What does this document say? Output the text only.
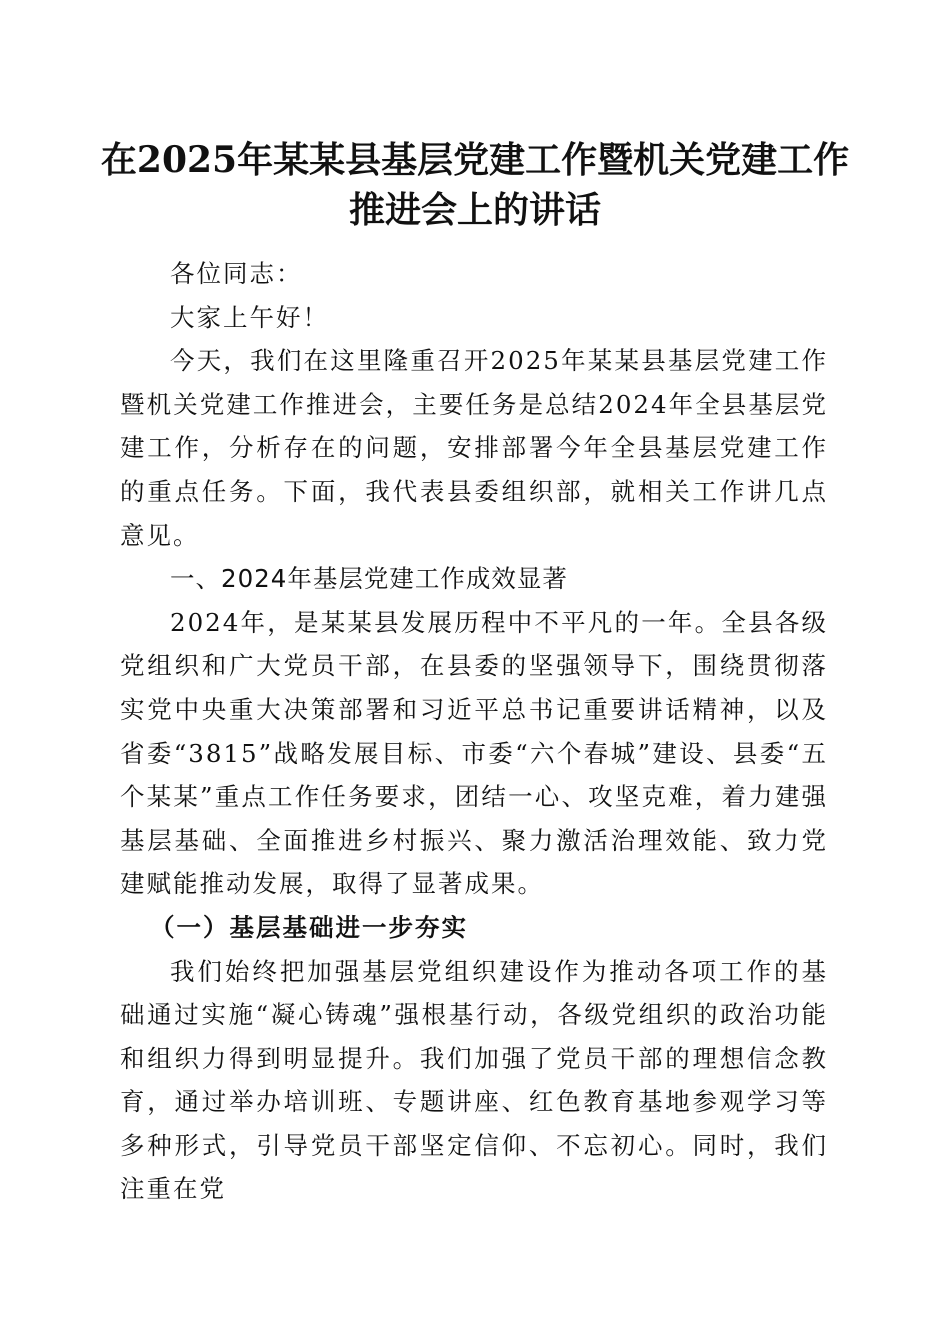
在2025年某某县基层党建工作暨机关党建工作推进会上的讲话

各位同志：

大家上午好！

今天，我们在这里隆重召开2025年某某县基层党建工作暨机关党建工作推进会，主要任务是总结2024年全县基层党建工作，分析存在的问题，安排部署今年全县基层党建工作的重点任务。下面，我代表县委组织部，就相关工作讲几点意见。

一、2024年基层党建工作成效显著

2024年，是某某县发展历程中不平凡的一年。全县各级党组织和广大党员干部，在县委的坚强领导下，围绕贯彻落实党中央重大决策部署和习近平总书记重要讲话精神，以及省委“3815”战略发展目标、市委“六个春城”建设、县委“五个某某”重点工作任务要求，团结一心、攻坚克难，着力建强基层基础、全面推进乡村振兴、聚力激活治理效能、致力党建赋能推动发展，取得了显著成果。

（一）基层基础进一步夯实

我们始终把加强基层党组织建设作为推动各项工作的基础通过实施“凝心铸魂”强根基行动，各级党组织的政治功能和组织力得到明显提升。我们加强了党员干部的理想信念教育，通过举办培训班、专题讲座、红色教育基地参观学习等多种形式，引导党员干部坚定信仰、不忘初心。同时，我们注重在党
